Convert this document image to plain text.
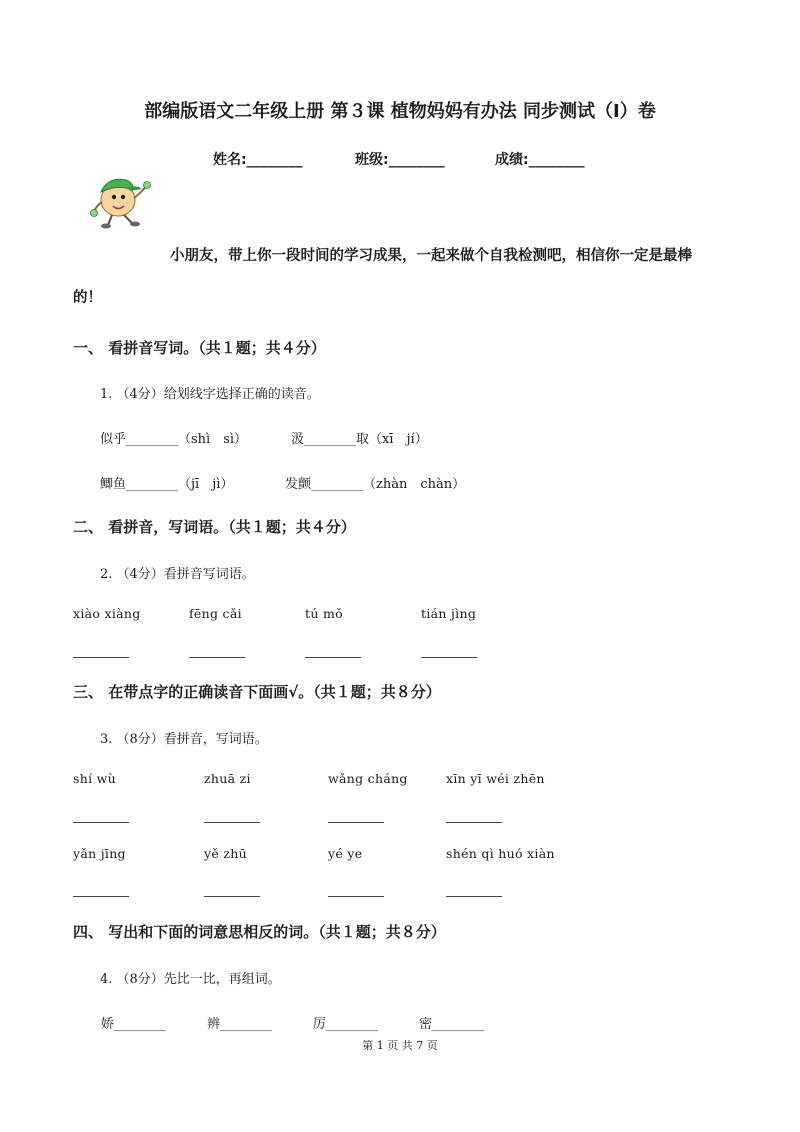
部编版语文二年级上册 第３课 植物妈妈有办法 同步测试（I）卷
姓名:________	班级:________	成绩:________
小朋友，带上你一段时间的学习成果，一起来做个自我检测吧，相信你一定是最棒
的！
一、 看拼音写词。（共１题；共４分）
1. （4分）给划线字选择正确的读音。
似乎________（shì　sì）	汲________取（xī　jí）
鲫鱼________（jī　jì）	发颤________（zhàn　chàn）
二、 看拼音，写词语。（共１题；共４分）
2. （4分）看拼音写词语。
xiào xiàng	fēng cǎi	tú mǒ	tián jìng
三、 在带点字的正确读音下面画√。（共１题；共８分）
3. （8分）看拼音，写词语。
shí wù	zhuā zi	wǎng cháng	xīn yī wéi zhēn
yǎn jīng	yě zhū	yé ye	shén qì huó xiàn
四、 写出和下面的词意思相反的词。（共１题；共８分）
4. （8分）先比一比，再组词。
娇________	辨________	厉________	密________
第 1 页 共 7 页
